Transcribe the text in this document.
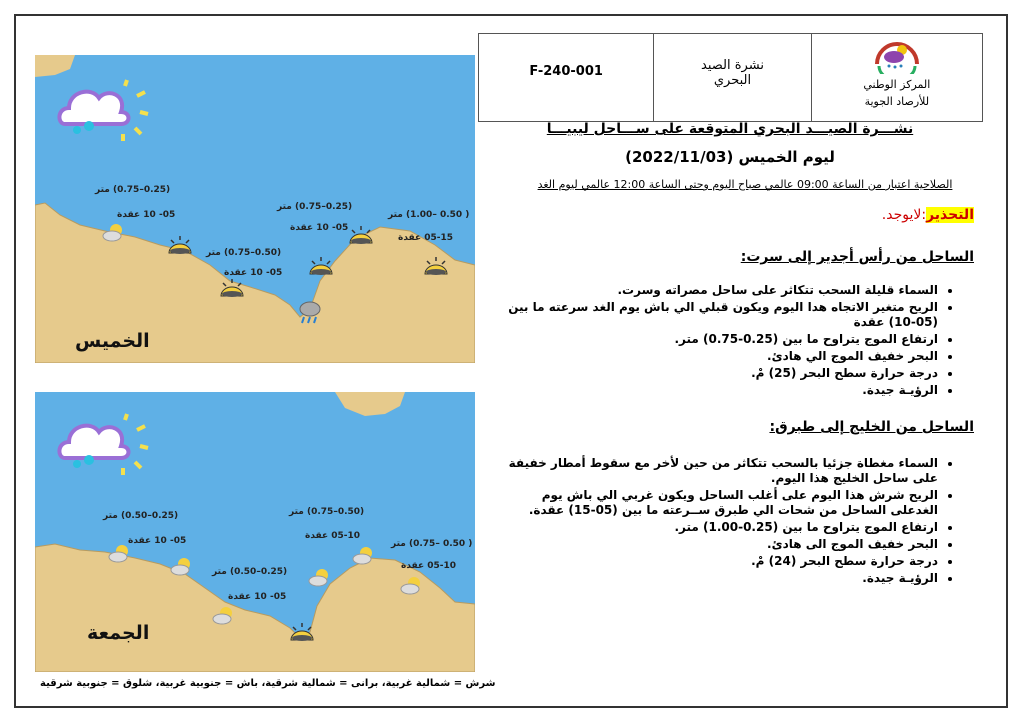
F-240-001	نشرة الصيد
البحري	المركز الوطني
للأرصاد الجوية
نشـــرة الصيـــد البحري المتوقعة على ســـاحل ليبيـــا
ليوم الخميس (2022/11/03)
الصلاحية اعتبار من الساعة 09:00 عالمي صباح اليوم وحتى الساعة 12:00 عالمي ليوم الغد
التحذير:لايوجد.
الساحل من رأس أجدير إلى سرت:
• السماء قليلة السحب تتكاثر على ساحل مصراته وسرت.
• الريح متغير الاتجاه هدا اليوم ويكون قبلي الي باش يوم الغد سرعته ما بين (05-10) عقدة
• ارتفاع الموج يتراوح ما بين (0.25-0.75) متر.
• البحر خفيف الموج الي هادئ.
• درجة حرارة سطح البحر (25) مْ.
• الرؤيـة جيدة.
الساحل من الخليج إلى طبرق:
• السماء مغطاة جزئيا بالسحب تتكاثر من حين لأخر مع سقوط أمطار خفيفة على ساحل الخليج هذا اليوم.
• الريح شرش هذا اليوم على أغلب الساحل ويكون غربي الي باش يوم الغدعلى الساحل من شحات الي طبرق ســرعته ما بين (05-15) عقدة.
• ارتفاع الموج يتراوح ما بين (0.25-1.00) متر.
• البحر خفيف الموج الى هادئ.
• درجة حرارة سطح البحر (24) مْ.
• الرؤيـة جيدة.
(0.25–0.75) متر
05- 10 عقدة
(0.25–0.75) متر
05- 10 عقدة
(0.50–0.75) متر
05- 10 عقدة
( 0.50 –1.00) متر
05-15 عقدة
الخميس
(0.25–0.50) متر
05- 10 عقدة
(0.50–0.75) متر
05-10 عقدة
(0.25–0.50) متر
05- 10 عقدة
( 0.50 –0.75) متر
05-10 عقدة
الجمعة
شرش = شمالية غربية، برانى = شمالية شرقية، باش = جنوبية غربية، شلوق = جنوبية شرقية
